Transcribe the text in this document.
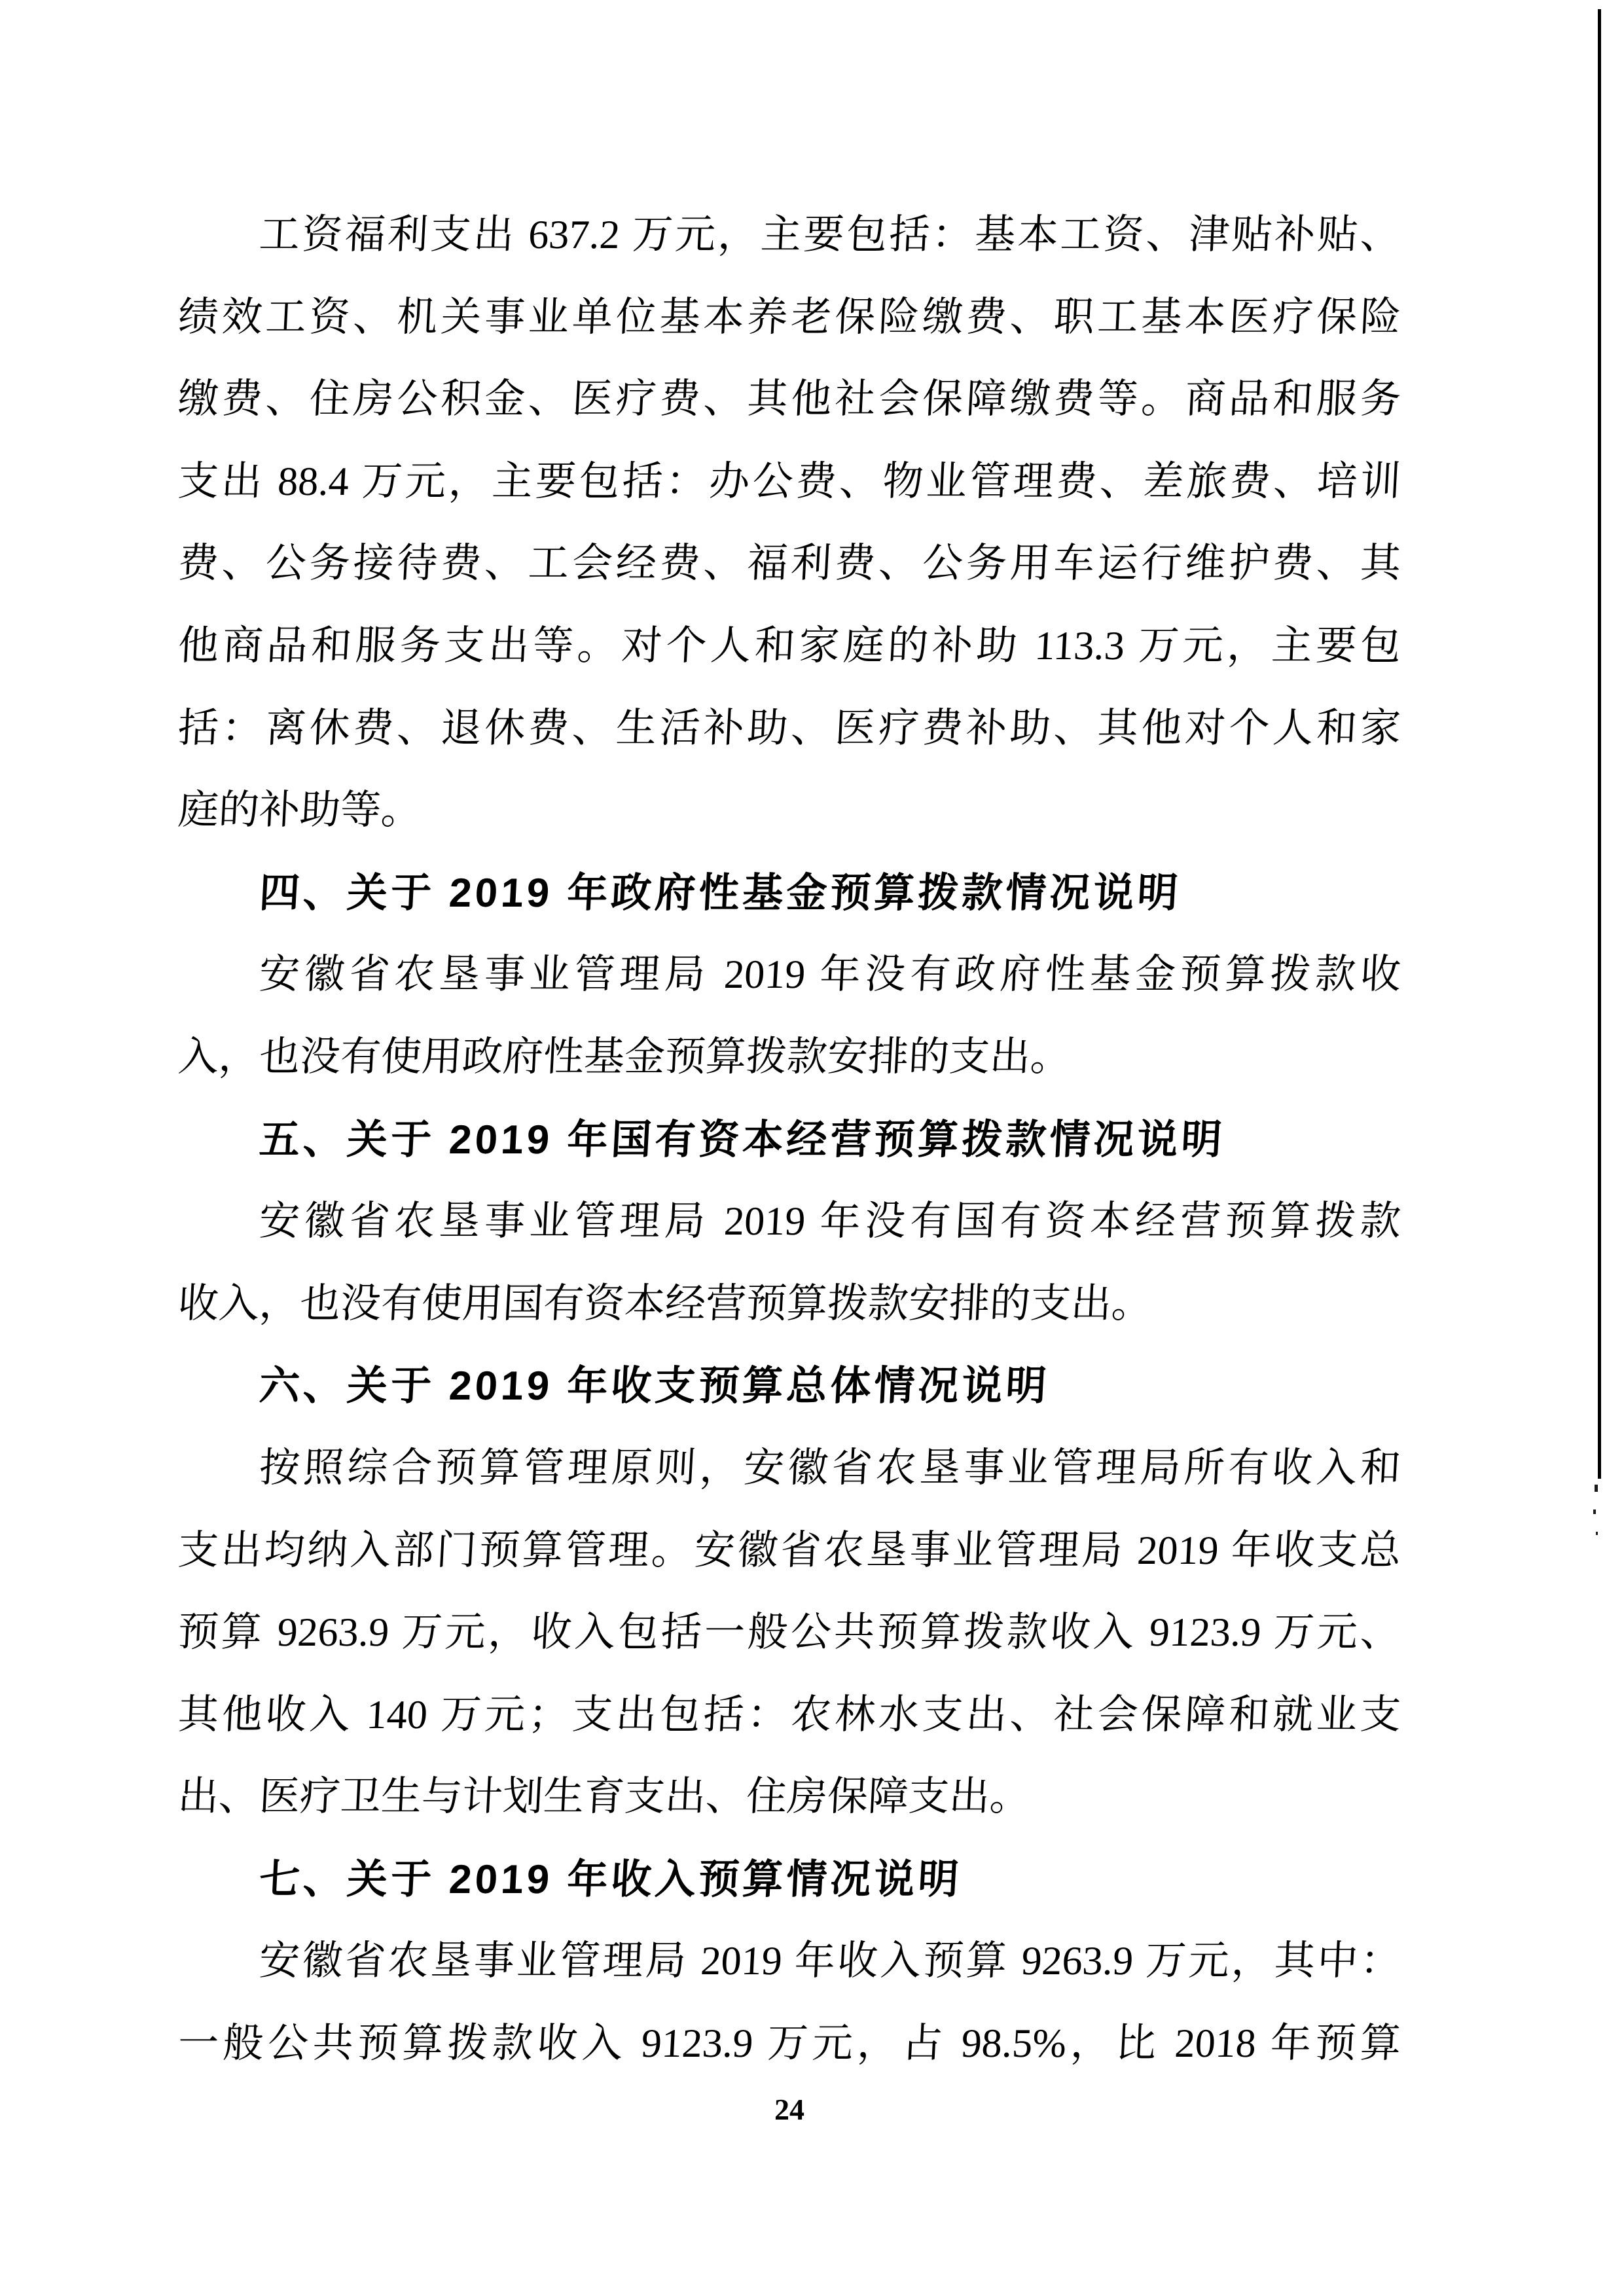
工资福利支出 637.2 万元，主要包括：基本工资、津贴补贴、
绩效工资、机关事业单位基本养老保险缴费、职工基本医疗保险
缴费、住房公积金、医疗费、其他社会保障缴费等。商品和服务
支出 88.4 万元，主要包括：办公费、物业管理费、差旅费、培训
费、公务接待费、工会经费、福利费、公务用车运行维护费、其
他商品和服务支出等。对个人和家庭的补助 113.3 万元，主要包
括：离休费、退休费、生活补助、医疗费补助、其他对个人和家
庭的补助等。
四、关于 2019 年政府性基金预算拨款情况说明
安徽省农垦事业管理局 2019 年没有政府性基金预算拨款收
入，也没有使用政府性基金预算拨款安排的支出。
五、关于 2019 年国有资本经营预算拨款情况说明
安徽省农垦事业管理局 2019 年没有国有资本经营预算拨款
收入，也没有使用国有资本经营预算拨款安排的支出。
六、关于 2019 年收支预算总体情况说明
按照综合预算管理原则，安徽省农垦事业管理局所有收入和
支出均纳入部门预算管理。安徽省农垦事业管理局 2019 年收支总
预算 9263.9 万元，收入包括一般公共预算拨款收入 9123.9 万元、
其他收入 140 万元；支出包括：农林水支出、社会保障和就业支
出、医疗卫生与计划生育支出、住房保障支出。
七、关于 2019 年收入预算情况说明
安徽省农垦事业管理局 2019 年收入预算 9263.9 万元，其中：
一般公共预算拨款收入 9123.9 万元，占 98.5%，比 2018 年预算
24
